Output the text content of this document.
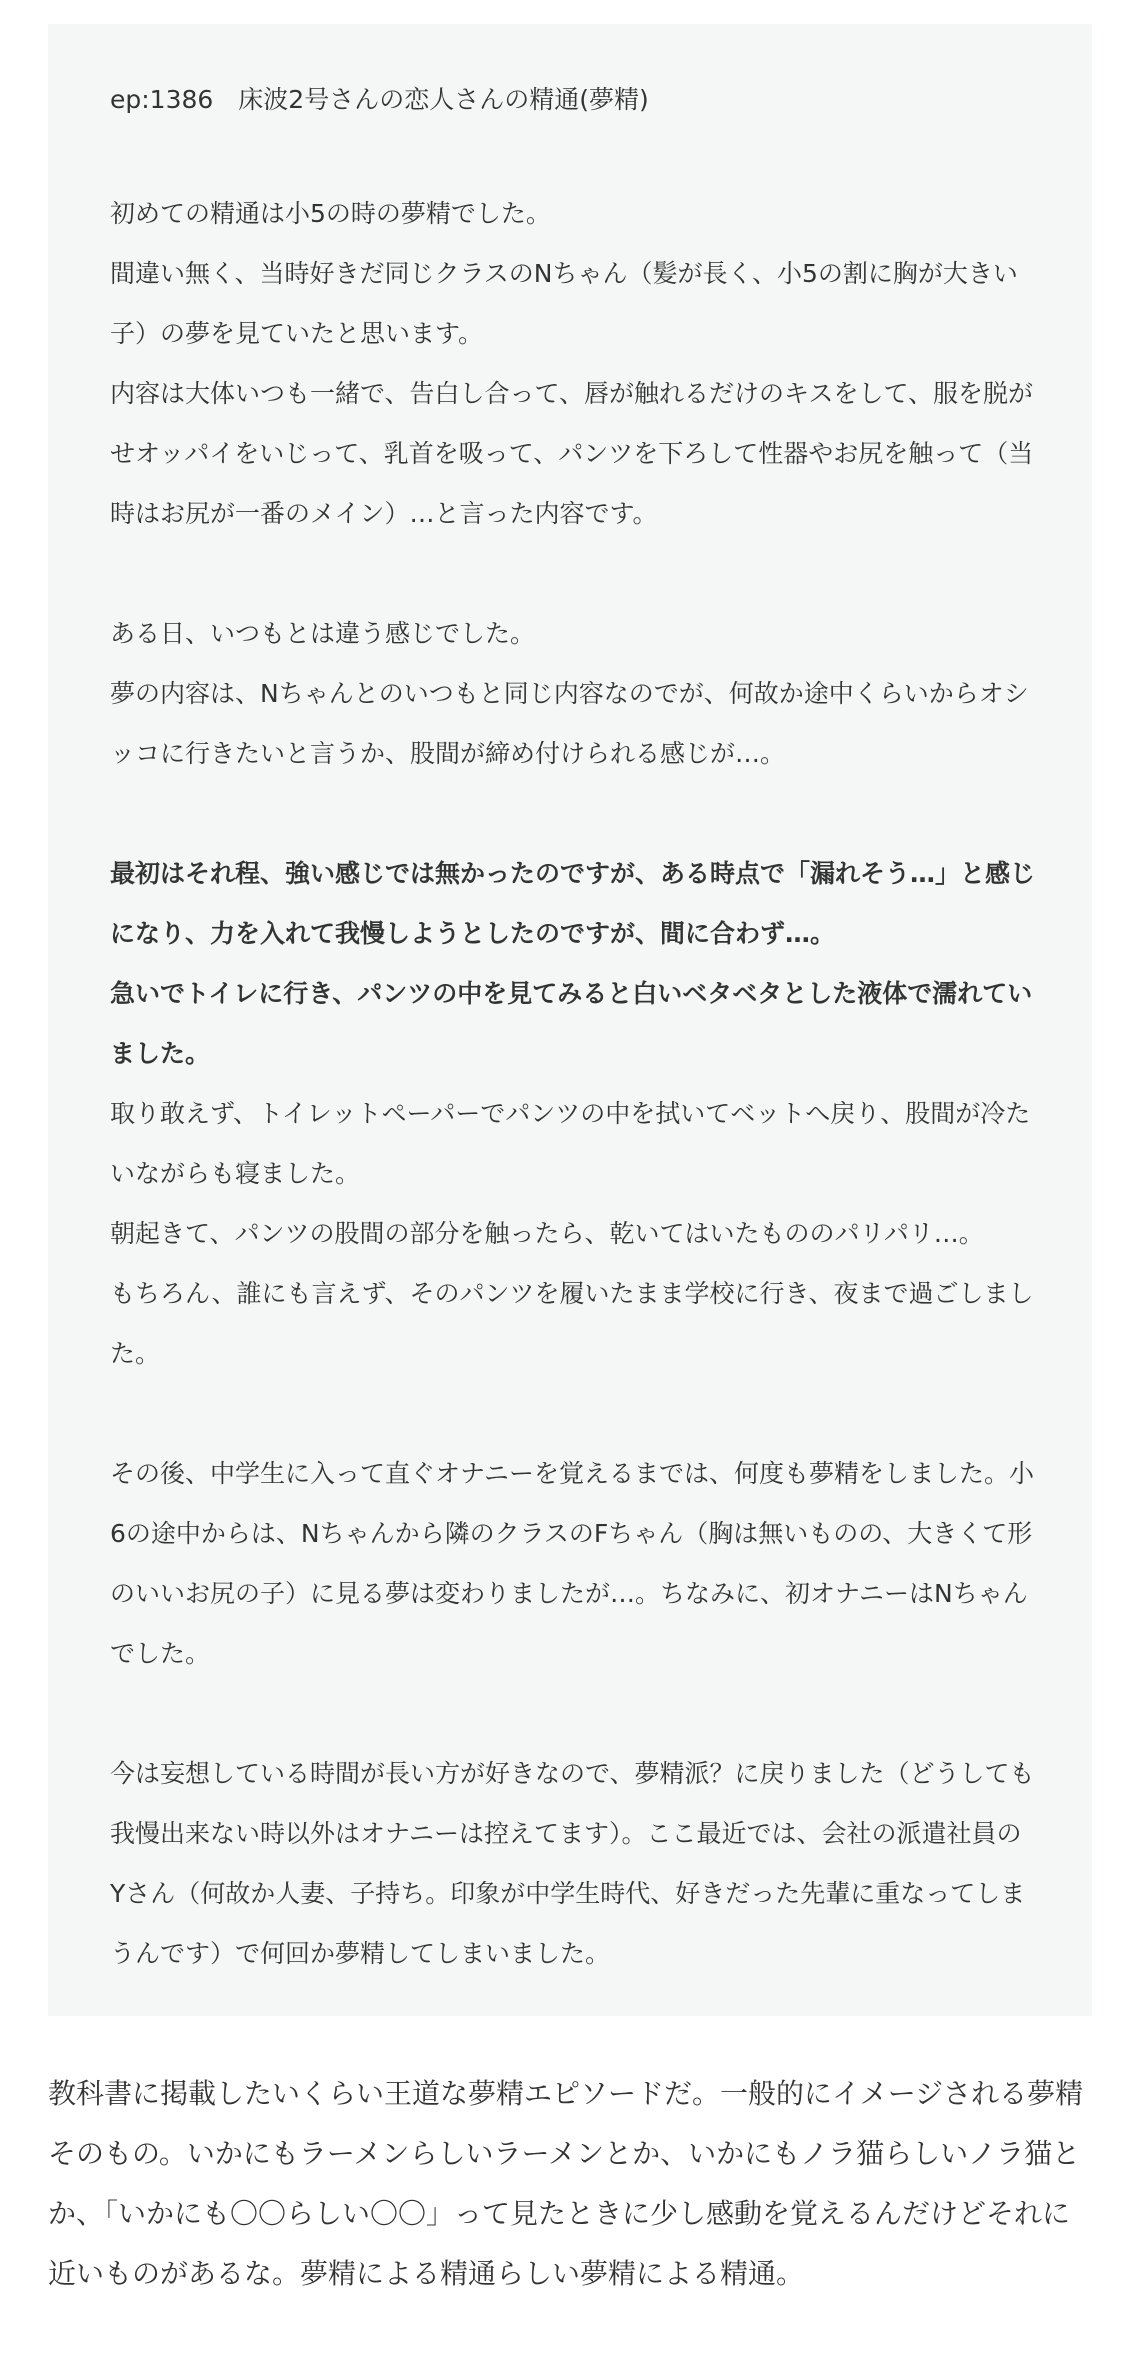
ep:1386　床波2号さんの恋人さんの精通(夢精)

初めての精通は小5の時の夢精でした。

間違い無く、当時好きだ同じクラスのNちゃん（髪が長く、小5の割に胸が大きい

子）の夢を見ていたと思います。

内容は大体いつも一緒で、告白し合って、唇が触れるだけのキスをして、服を脱が

せオッパイをいじって、乳首を吸って、パンツを下ろして性器やお尻を触って（当

時はお尻が一番のメイン）…と言った内容です。

ある日、いつもとは違う感じでした。

夢の内容は、Nちゃんとのいつもと同じ内容なのでが、何故か途中くらいからオシ

ッコに行きたいと言うか、股間が締め付けられる感じが…。

最初はそれ程、強い感じでは無かったのですが、ある時点で「漏れそう…」と感じ

になり、力を入れて我慢しようとしたのですが、間に合わず…。

急いでトイレに行き、パンツの中を見てみると白いベタベタとした液体で濡れてい

ました。

取り敢えず、トイレットペーパーでパンツの中を拭いてベットへ戻り、股間が冷た

いながらも寝ました。

朝起きて、パンツの股間の部分を触ったら、乾いてはいたもののパリパリ…。

もちろん、誰にも言えず、そのパンツを履いたまま学校に行き、夜まで過ごしまし

た。

その後、中学生に入って直ぐオナニーを覚えるまでは、何度も夢精をしました。小

6の途中からは、Nちゃんから隣のクラスのFちゃん（胸は無いものの、大きくて形

のいいお尻の子）に見る夢は変わりましたが…。ちなみに、初オナニーはNちゃん

でした。

今は妄想している時間が長い方が好きなので、夢精派？に戻りました（どうしても

我慢出来ない時以外はオナニーは控えてます）。ここ最近では、会社の派遣社員の

Yさん（何故か人妻、子持ち。印象が中学生時代、好きだった先輩に重なってしま

うんです）で何回か夢精してしまいました。

教科書に掲載したいくらい王道な夢精エピソードだ。一般的にイメージされる夢精

そのもの。いかにもラーメンらしいラーメンとか、いかにもノラ猫らしいノラ猫と

か、「いかにも〇〇らしい〇〇」って見たときに少し感動を覚えるんだけどそれに

近いものがあるな。夢精による精通らしい夢精による精通。
